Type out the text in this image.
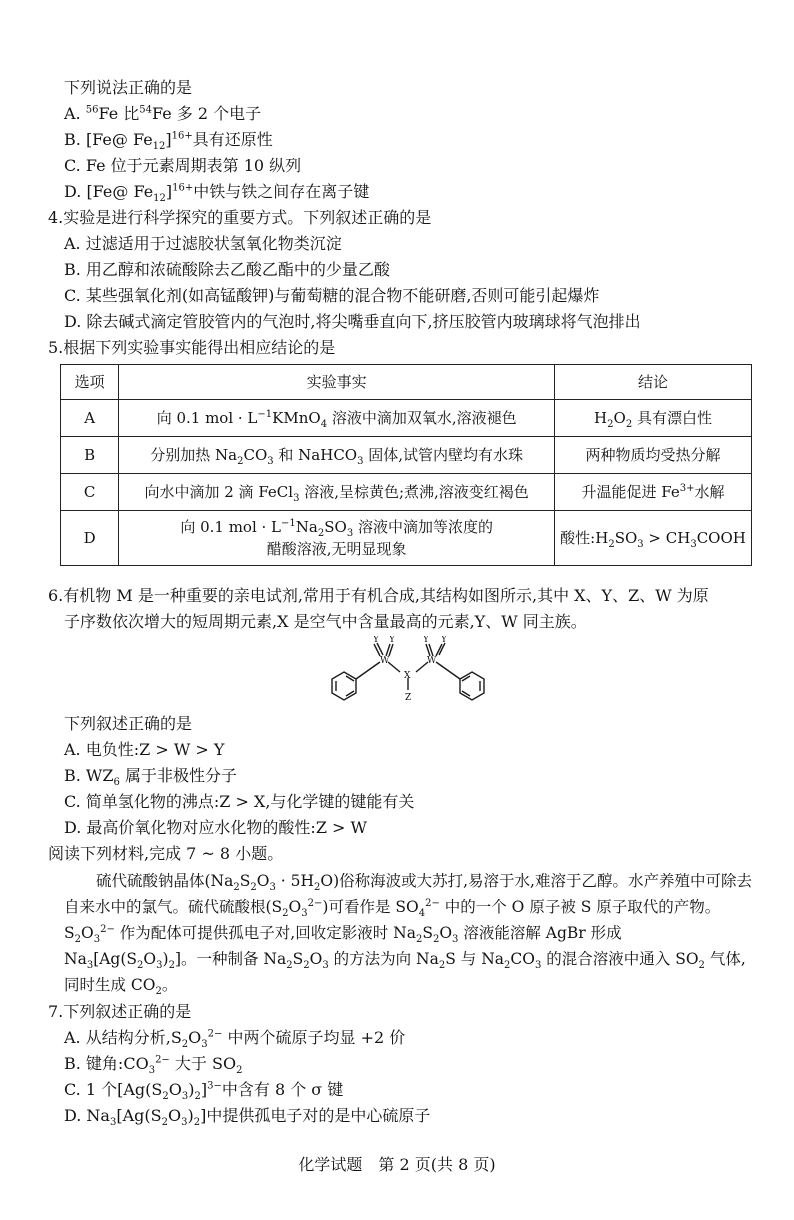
下列说法正确的是
A. $^{56}$Fe 比$^{54}$Fe 多 2 个电子
B. [Fe@ $Fe_{12}]^{16+}$具有还原性
C. Fe 位于元素周期表第 10 纵列
D. [Fe@ $Fe_{12}]^{16+}$中铁与铁之间存在离子键
4.实验是进行科学探究的重要方式。下列叙述正确的是
A. 过滤适用于过滤胶状氢氧化物类沉淀
B. 用乙醇和浓硫酸除去乙酸乙酯中的少量乙酸
C. 某些强氧化剂(如高锰酸钾)与葡萄糖的混合物不能研磨,否则可能引起爆炸
D. 除去碱式滴定管胶管内的气泡时,将尖嘴垂直向下,挤压胶管内玻璃球将气泡排出
5.根据下列实验事实能得出相应结论的是
选项	实验事实	结论
A	向 0.1 mol · $L^{-1}KMnO_4$ 溶液中滴加双氧水,溶液褪色	$H_2O_2$ 具有漂白性
B	分别加热 $Na_2CO_3$ 和 NaHCO$_3$ 固体,试管内壁均有水珠	两种物质均受热分解
C	向水中滴加 2 滴 FeCl$_3$ 溶液,呈棕黄色;煮沸,溶液变红褐色	升温能促进 $Fe^{3+}$水解
D	向 0.1 mol · $L^{-1}Na_2SO_3$ 溶液中滴加等浓度的
醋酸溶液,无明显现象	酸性$:H_2SO_3$ > $CH_3COOH$
6.有机物 M 是一种重要的亲电试剂,常用于有机合成,其结构如图所示,其中 X、Y、Z、W 为原
子序数依次增大的短周期元素,X 是空气中含量最高的元素,Y、W 同主族。
Y Y	Y Y
W	W
X
Z
下列叙述正确的是
A. 电负性:Z > W > Y
B. $WZ_6$ 属于非极性分子
C. 简单氢化物的沸点:Z > X,与化学键的键能有关
D. 最高价氧化物对应水化物的酸性:Z > W
阅读下列材料,完成 7 ~ 8 小题。
硫代硫酸钠晶体$(Na_2S_2O_3 \cdot 5H_2O)$俗称海波或大苏打,易溶于水,难溶于乙醇。水产养殖中可除去自来水中的氯气。硫代硫酸根$(S_2O_3^{2-})$可看作是 $SO_4^{2-}$ 中的一个 O 原子被 S 原子取代的产物。$S_2O_3^{2-}$ 作为配体可提供孤电子对,回收定影液时 $Na_2S_2O_3$ 溶液能溶解 AgBr 形成 $Na_3[Ag(S_2O_3)_2]$。一种制备 $Na_2S_2O_3$ 的方法为向 $Na_2S$ 与 $Na_2CO_3$ 的混合溶液中通入 $SO_2$ 气体,同时生成 $CO_2$。
7.下列叙述正确的是
A. 从结构分析$,S_2O_3^{2-}$ 中两个硫原子均显 +2 价
B. 键角$:CO_3^{2-}$ 大于 $SO_2$
C. 1 个$[Ag(S_2O_3)_2]^{3-}$中含有 8 个 σ 键
D. $Na_3[Ag(S_2O_3)_2]$中提供孤电子对的是中心硫原子
化学试题　第 2 页(共 8 页)
